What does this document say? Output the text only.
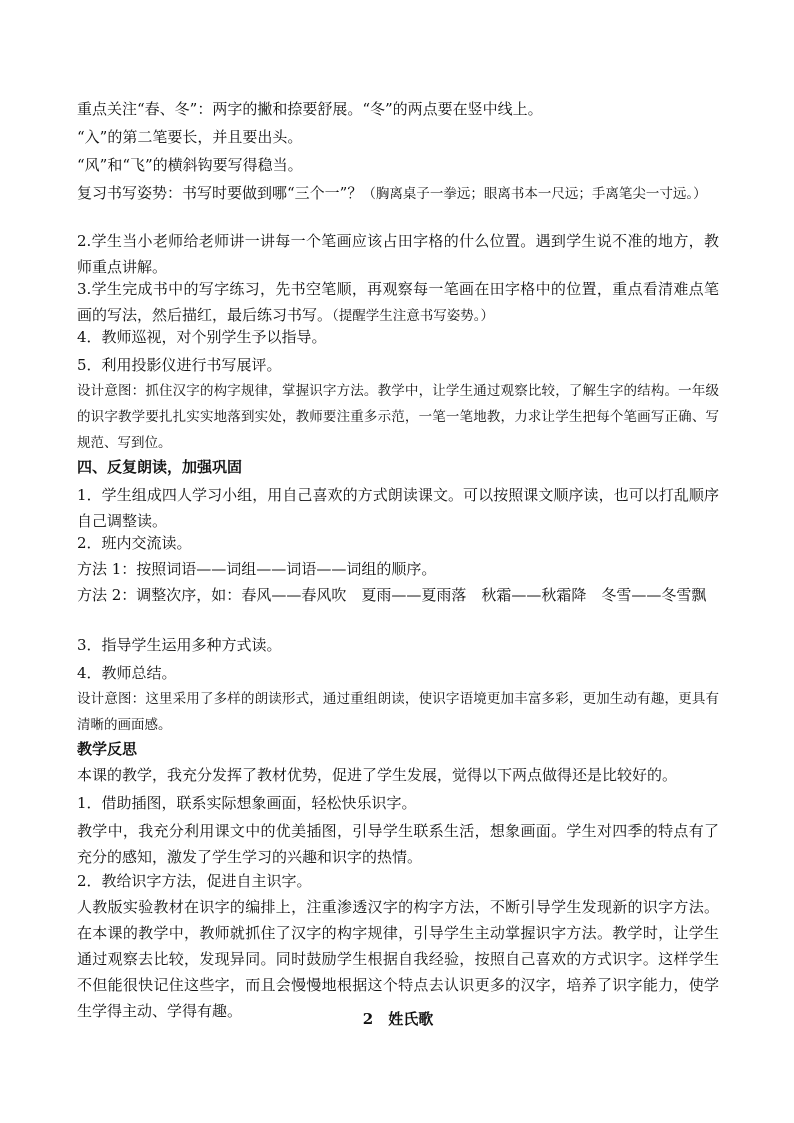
重点关注“春、冬”：两字的撇和捺要舒展。“冬”的两点要在竖中线上。
“入”的第二笔要长，并且要出头。
“风”和“飞”的横斜钩要写得稳当。
复习书写姿势：书写时要做到哪“三个一”？（胸离桌子一拳远；眼离书本一尺远；手离笔尖一寸远。）
2.学生当小老师给老师讲一讲每一个笔画应该占田字格的什么位置。遇到学生说不准的地方，教师重点讲解。
3.学生完成书中的写字练习，先书空笔顺，再观察每一笔画在田字格中的位置，重点看清难点笔画的写法，然后描红，最后练习书写。（提醒学生注意书写姿势。）
4．教师巡视，对个别学生予以指导。
5．利用投影仪进行书写展评。
设计意图：抓住汉字的构字规律，掌握识字方法。教学中，让学生通过观察比较，了解生字的结构。一年级的识字教学要扎扎实实地落到实处，教师要注重多示范，一笔一笔地教，力求让学生把每个笔画写正确、写规范、写到位。
四、反复朗读，加强巩固
1．学生组成四人学习小组，用自己喜欢的方式朗读课文。可以按照课文顺序读，也可以打乱顺序自己调整读。
2．班内交流读。
方法 1：按照词语——词组——词语——词组的顺序。
方法 2：调整次序，如：春风——春风吹　夏雨——夏雨落　秋霜——秋霜降　冬雪——冬雪飘
3．指导学生运用多种方式读。
4．教师总结。
设计意图：这里采用了多样的朗读形式，通过重组朗读，使识字语境更加丰富多彩，更加生动有趣，更具有清晰的画面感。
教学反思
本课的教学，我充分发挥了教材优势，促进了学生发展，觉得以下两点做得还是比较好的。
1．借助插图，联系实际想象画面，轻松快乐识字。
教学中，我充分利用课文中的优美插图，引导学生联系生活，想象画面。学生对四季的特点有了充分的感知，激发了学生学习的兴趣和识字的热情。
2．教给识字方法，促进自主识字。
人教版实验教材在识字的编排上，注重渗透汉字的构字方法，不断引导学生发现新的识字方法。在本课的教学中，教师就抓住了汉字的构字规律，引导学生主动掌握识字方法。教学时，让学生通过观察去比较，发现异同。同时鼓励学生根据自我经验，按照自己喜欢的方式识字。这样学生不但能很快记住这些字，而且会慢慢地根据这个特点去认识更多的汉字，培养了识字能力，使学生学得主动、学得有趣。	2　姓氏歌
